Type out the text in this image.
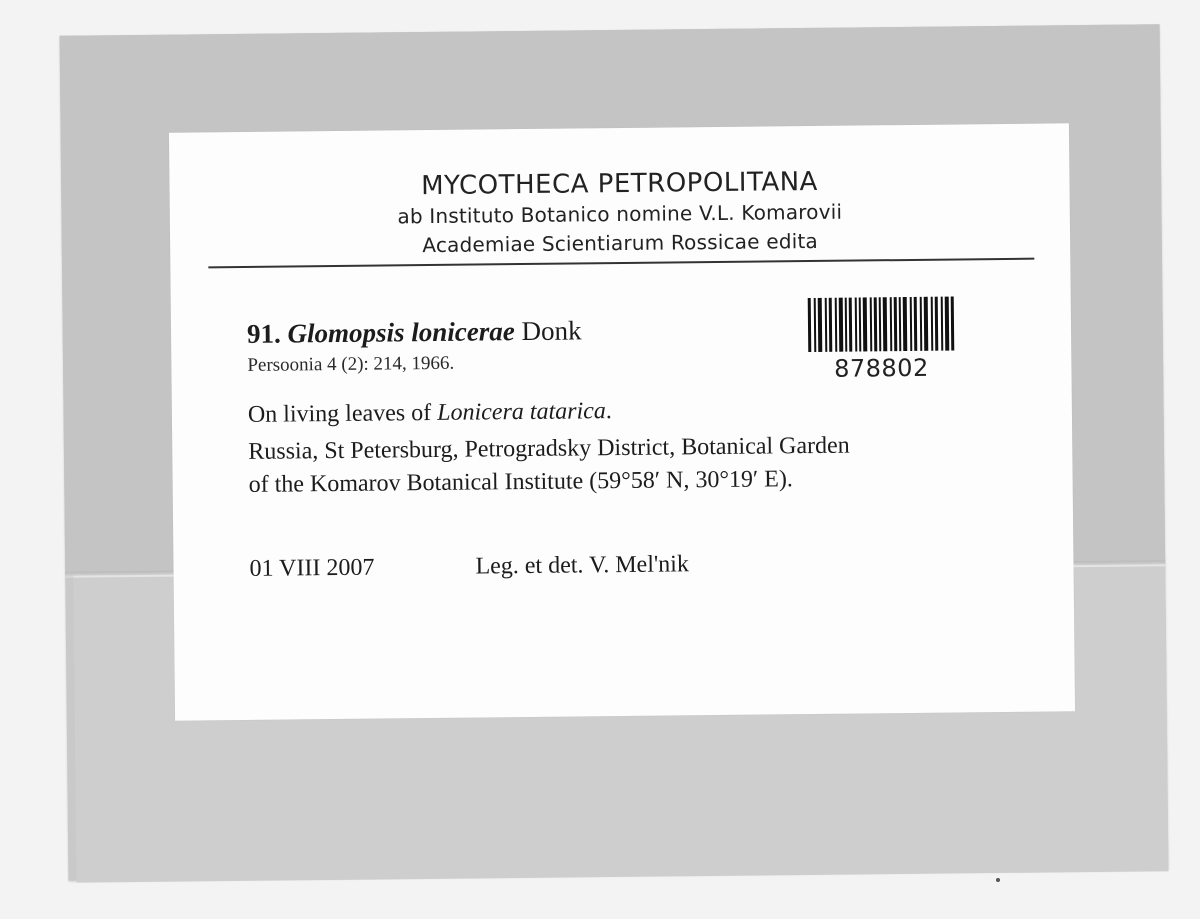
MYCOTHECA PETROPOLITANA
ab Instituto Botanico nomine V.L. Komarovii
Academiae Scientiarum Rossicae edita
91. Glomopsis lonicerae Donk
Persoonia 4 (2): 214, 1966.	878802
On living leaves of Lonicera tatarica.
Russia, St Petersburg, Petrogradsky District, Botanical Garden
of the Komarov Botanical Institute (59°58′ N, 30°19′ E).
01 VIII 2007	Leg. et det. V. Mel'nik
